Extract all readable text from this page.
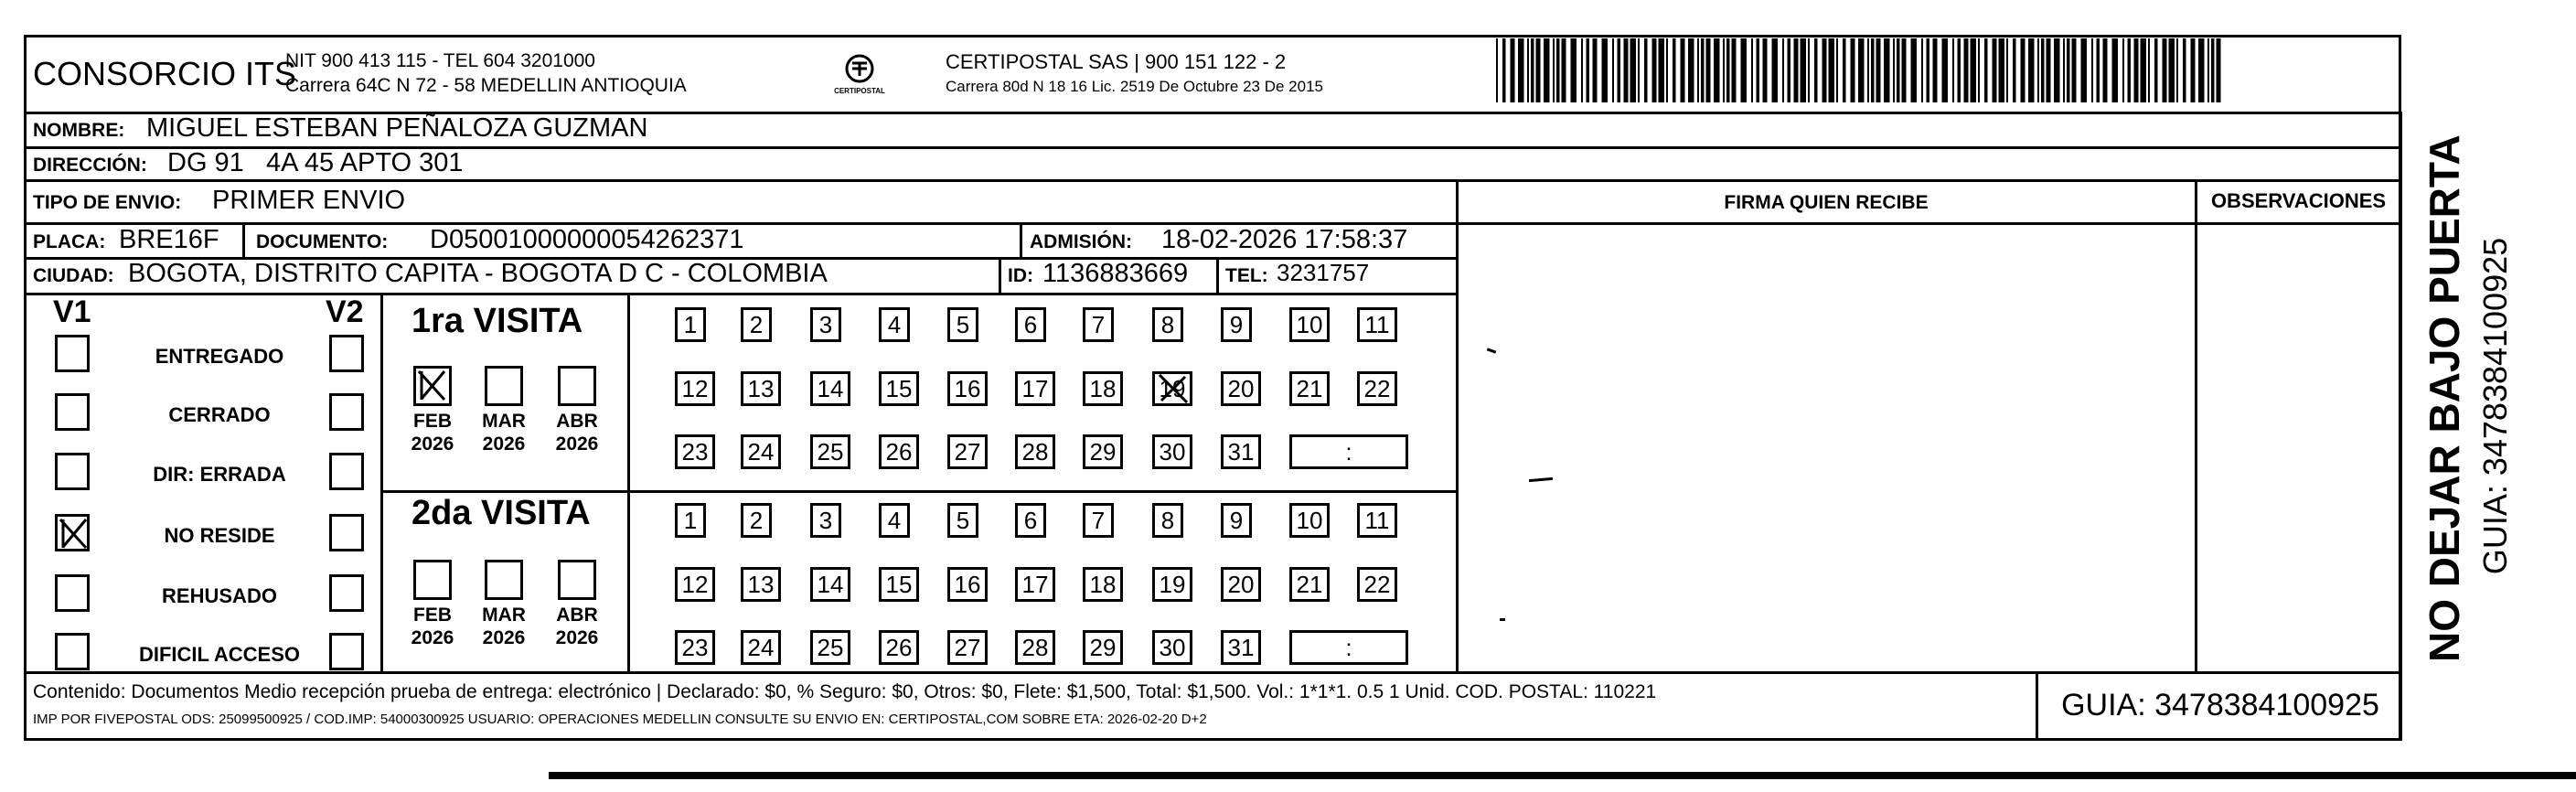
CONSORCIO ITS
NIT 900 413 115 - TEL 604 3201000
Carrera 64C N 72 - 58 MEDELLIN ANTIOQUIA	CERTIPOSTAL
CERTIPOSTAL SAS | 900 151 122 - 2
Carrera 80d N 18 16 Lic. 2519 De Octubre 23 De 2015
NOMBRE: MIGUEL ESTEBAN PEÑALOZA GUZMAN
DIRECCIÓN: DG 91   4A 45 APTO 301
TIPO DE ENVIO: PRIMER ENVIO	FIRMA QUIEN RECIBE	OBSERVACIONES
PLACA: BRE16F DOCUMENTO: D05001000000054262371	ADMISIÓN: 18-02-2026 17:58:37
CIUDAD: BOGOTA, DISTRITO CAPITA - BOGOTA D C - COLOMBIA	ID: 1136883669 TEL: 3231757
V1	V2
ENTREGADO
CERRADO
DIR: ERRADA
NO RESIDE
REHUSADO
DIFICIL ACCESO
1ra VISITA
FEB
2026
MAR
2026
ABR
2026
1	2	3	4	5	6	7	8	9	10	11
12 13 14 15 16 17 18 19 20 21 22
23 24 25 26 27 28 29 30 31	:
2da VISITA
FEB
2026
MAR
2026
ABR
2026
1	2	3	4	5	6	7	8	9	10	11
12 13 14 15 16 17 18 19 20 21 22
23 24 25 26 27 28 29 30 31	:
Contenido: Documentos Medio recepción prueba de entrega: electrónico | Declarado: $0, % Seguro: $0, Otros: $0, Flete: $1,500, Total: $1,500. Vol.: 1*1*1. 0.5 1 Unid. COD. POSTAL: 110221
IMP POR FIVEPOSTAL ODS: 25099500925 / COD.IMP: 54000300925 USUARIO: OPERACIONES MEDELLIN CONSULTE SU ENVIO EN: CERTIPOSTAL,COM SOBRE ETA: 2026-02-20 D+2	GUIA: 3478384100925
NO DEJAR BAJO PUERTA GUIA: 3478384100925
